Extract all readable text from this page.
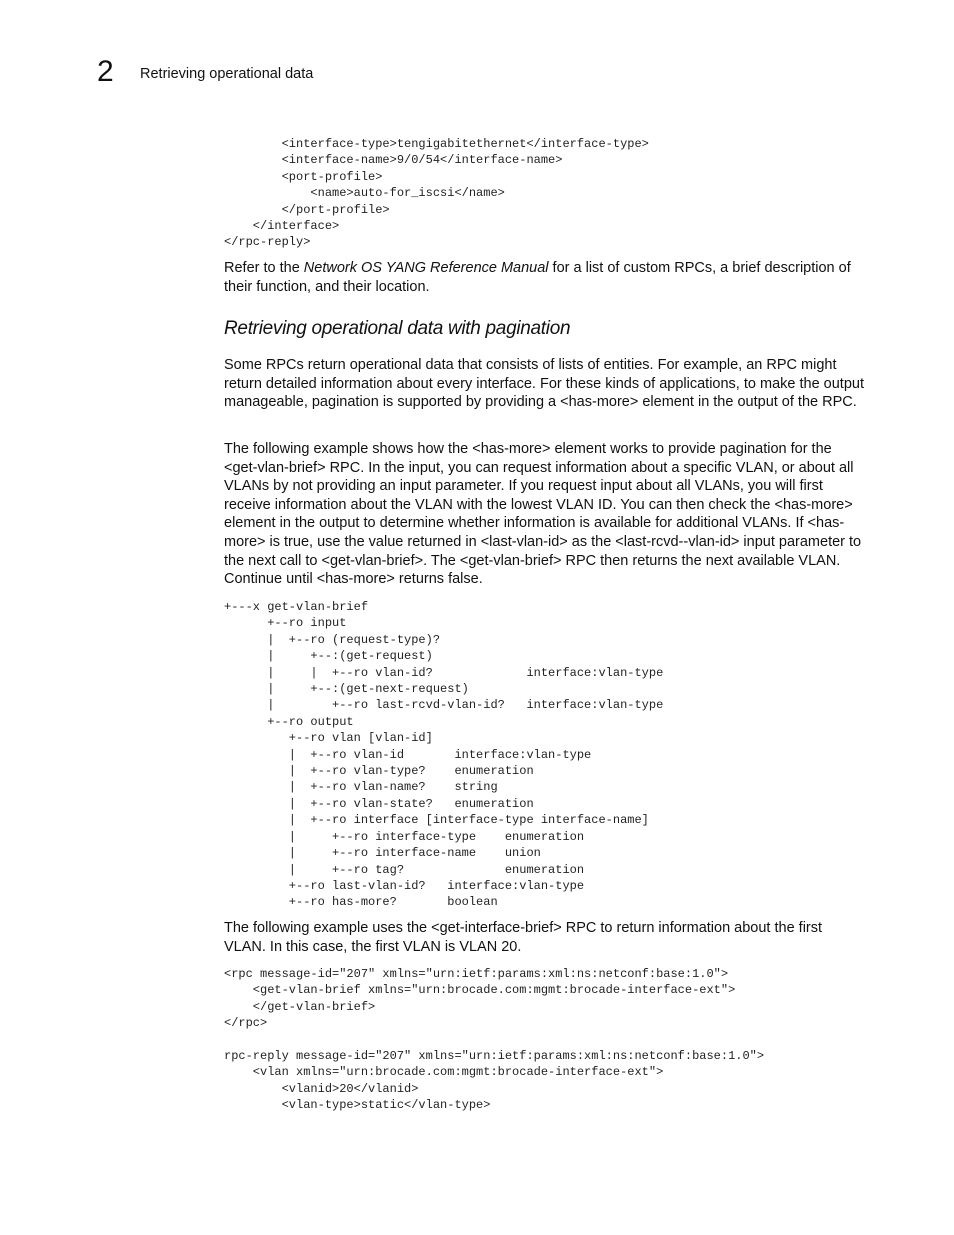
2 Retrieving operational data
<interface-type>tengigabitethernet</interface-type>
<interface-name>9/0/54</interface-name>
<port-profile>
<name>auto-for_iscsi</name>
</port-profile>
</interface>
</rpc-reply>

Refer to the Network OS YANG Reference Manual for a list of custom RPCs, a brief description of their function, and their location.

Retrieving operational data with pagination

Some RPCs return operational data that consists of lists of entities. For example, an RPC might return detailed information about every interface. For these kinds of applications, to make the output manageable, pagination is supported by providing a <has-more> element in the output of the RPC.

The following example shows how the <has-more> element works to provide pagination for the <get-vlan-brief> RPC. In the input, you can request information about a specific VLAN, or about all VLANs by not providing an input parameter. If you request input about all VLANs, you will first receive information about the VLAN with the lowest VLAN ID. You can then check the <has-more> element in the output to determine whether information is available for additional VLANs. If <has-more> is true, use the value returned in <last-vlan-id> as the <last-rcvd--vlan-id> input parameter to the next call to <get-vlan-brief>. The <get-vlan-brief> RPC then returns the next available VLAN. Continue until <has-more> returns false.

+---x get-vlan-brief
+--ro input
|  +--ro (request-type)?
|     +--:(get-request)
|     |  +--ro vlan-id?             interface:vlan-type
|     +--:(get-next-request)
|        +--ro last-rcvd-vlan-id?   interface:vlan-type
+--ro output
+--ro vlan [vlan-id]
|  +--ro vlan-id       interface:vlan-type
|  +--ro vlan-type?    enumeration
|  +--ro vlan-name?    string
|  +--ro vlan-state?   enumeration
|  +--ro interface [interface-type interface-name]
|     +--ro interface-type    enumeration
|     +--ro interface-name    union
|     +--ro tag?              enumeration
+--ro last-vlan-id?   interface:vlan-type
+--ro has-more?       boolean

The following example uses the <get-interface-brief> RPC to return information about the first VLAN. In this case, the first VLAN is VLAN 20.

<rpc message-id="207" xmlns="urn:ietf:params:xml:ns:netconf:base:1.0">
<get-vlan-brief xmlns="urn:brocade.com:mgmt:brocade-interface-ext">
</get-vlan-brief>
</rpc>

rpc-reply message-id="207" xmlns="urn:ietf:params:xml:ns:netconf:base:1.0">
<vlan xmlns="urn:brocade.com:mgmt:brocade-interface-ext">
<vlanid>20</vlanid>
<vlan-type>static</vlan-type>
